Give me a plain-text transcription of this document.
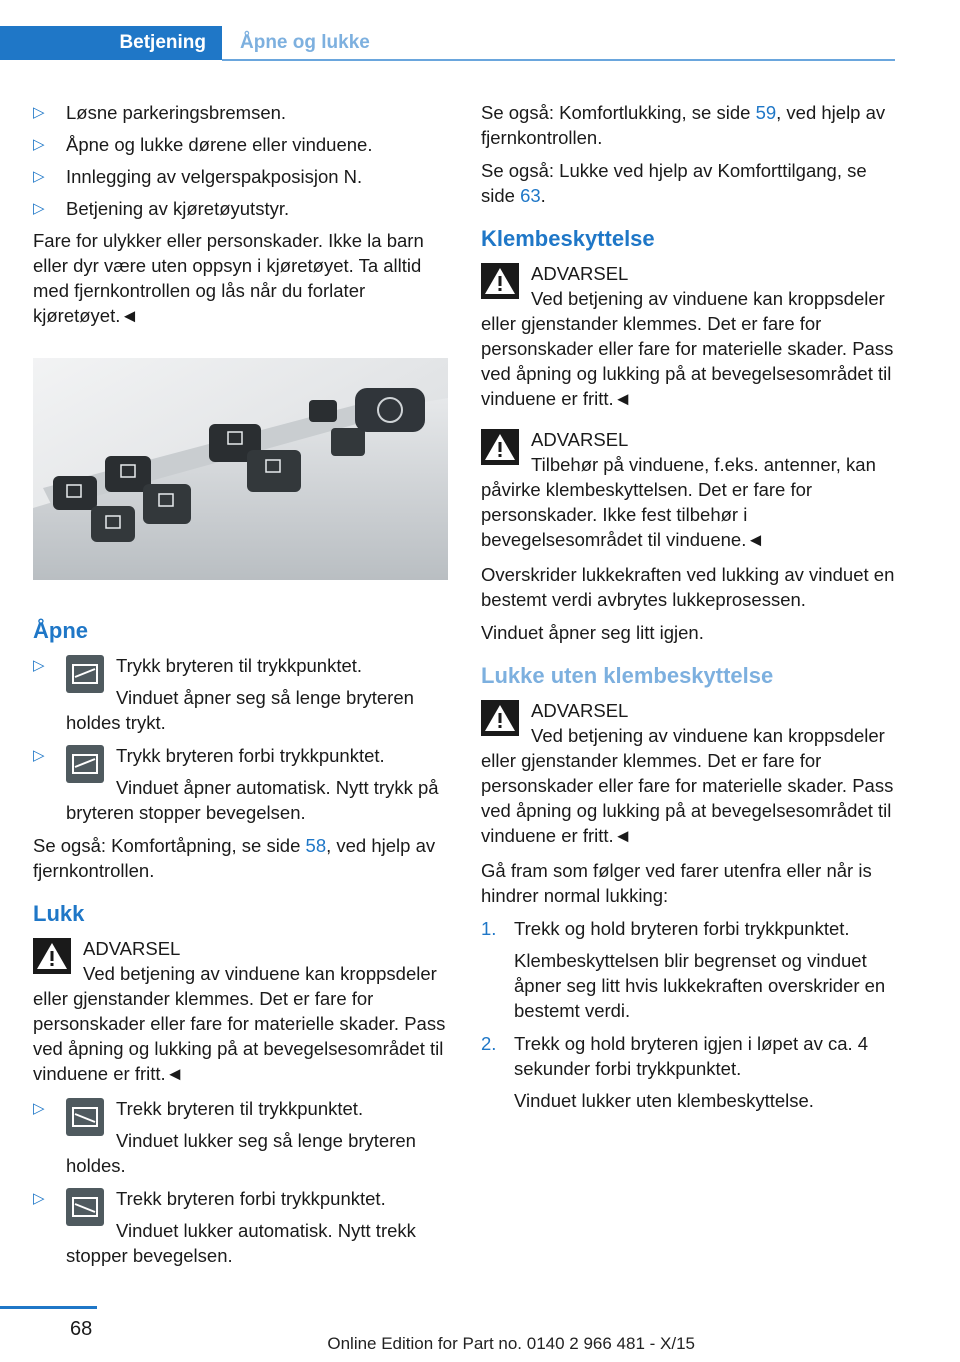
Betjening	Åpne og lukke
▷ Løsne parkeringsbremsen.
▷ Åpne og lukke dørene eller vinduene.
▷ Innlegging av velgerspakposisjon N.
▷ Betjening av kjøretøyutstyr.

Fare for ulykker eller personskader. Ikke la barn eller dyr være uten oppsyn i kjøretøyet. Ta alltid med fjernkontrollen og lås når du forlater kjøretøyet.◄

Åpne
▷	Trykk bryteren til trykkpunktet.
Vinduet åpner seg så lenge bryteren holdes trykt.
▷	Trykk bryteren forbi trykkpunktet.
Vinduet åpner automatisk. Nytt trykk på bryteren stopper bevegelsen.

Se også: Komfortåpning, se side 58, ved hjelp av fjernkontrollen.

Lukk
ADVARSEL
Ved betjening av vinduene kan kroppsdeler eller gjenstander klemmes. Det er fare for personskader eller fare for materielle skader. Pass ved åpning og lukking på at bevegelsesområdet til vinduene er fritt.◄
▷	Trekk bryteren til trykkpunktet.
Vinduet lukker seg så lenge bryteren holdes.
▷	Trekk bryteren forbi trykkpunktet.
Vinduet lukker automatisk. Nytt trekk stopper bevegelsen.

Se også: Komfortlukking, se side 59, ved hjelp av fjernkontrollen.

Se også: Lukke ved hjelp av Komforttilgang, se side 63.

Klembeskyttelse
ADVARSEL
Ved betjening av vinduene kan kroppsdeler eller gjenstander klemmes. Det er fare for personskader eller fare for materielle skader. Pass ved åpning og lukking på at bevegelsesområdet til vinduene er fritt.◄
ADVARSEL
Tilbehør på vinduene, f.eks. antenner, kan påvirke klembeskyttelsen. Det er fare for personskader. Ikke fest tilbehør i bevegelsesområdet til vinduene.◄

Overskrider lukkekraften ved lukking av vinduet en bestemt verdi avbrytes lukkeprosessen.

Vinduet åpner seg litt igjen.

Lukke uten klembeskyttelse
ADVARSEL
Ved betjening av vinduene kan kroppsdeler eller gjenstander klemmes. Det er fare for personskader eller fare for materielle skader. Pass ved åpning og lukking på at bevegelsesområdet til vinduene er fritt.◄

Gå fram som følger ved farer utenfra eller når is hindrer normal lukking:

1. Trekk og hold bryteren forbi trykkpunktet.
Klembeskyttelsen blir begrenset og vinduet åpner seg litt hvis lukkekraften overskrider en bestemt verdi.
2. Trekk og hold bryteren igjen i løpet av ca. 4 sekunder forbi trykkpunktet.
Vinduet lukker uten klembeskyttelse.
68
Online Edition for Part no. 0140 2 966 481 - X/15
